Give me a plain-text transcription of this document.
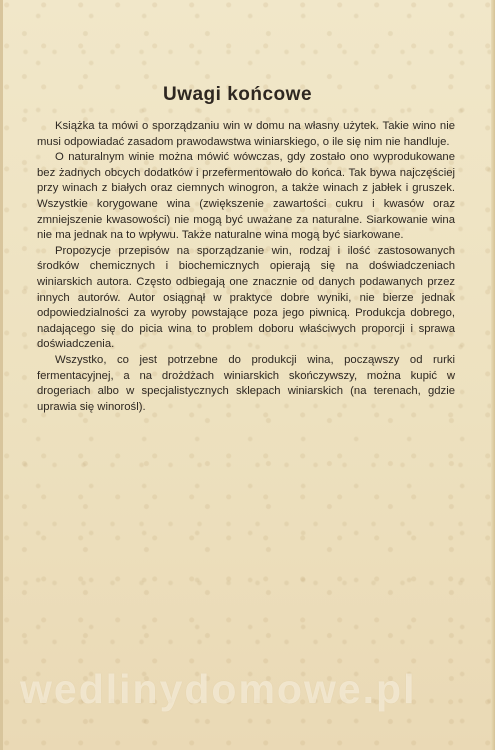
Uwagi końcowe

Książka ta mówi o sporządzaniu win w domu na własny użytek. Takie wino nie musi odpowiadać zasadom prawodawstwa winiarskiego, o ile się nim nie handluje.

O naturalnym winie można mówić wówczas, gdy zostało ono wyprodukowane bez żadnych obcych dodatków i przefermentowało do końca. Tak bywa najczęściej przy winach z białych oraz ciemnych winogron, a także winach z jabłek i gruszek. Wszystkie korygowane wina (zwiększenie zawartości cukru i kwasów oraz zmniejszenie kwasowości) nie mogą być uważane za naturalne. Siarkowanie wina nie ma jednak na to wpływu. Także naturalne wina mogą być siarkowane.

Propozycje przepisów na sporządzanie win, rodzaj i ilość zastosowanych środków chemicznych i biochemicznych opierają się na doświadczeniach winiarskich autora. Często odbiegają one znacznie od danych podawanych przez innych autorów. Autor osiągnął w praktyce dobre wyniki, nie bierze jednak odpowiedzialności za wyroby powstające poza jego piwnicą. Produkcja dobrego, nadającego się do picia wina to problem doboru właściwych proporcji i sprawa doświadczenia.

Wszystko, co jest potrzebne do produkcji wina, począwszy od rurki fermentacyjnej, a na drożdżach winiarskich skończywszy, można kupić w drogeriach albo w specjalistycznych sklepach winiarskich (na terenach, gdzie uprawia się winorośl).

wedlinydomowe.pl
